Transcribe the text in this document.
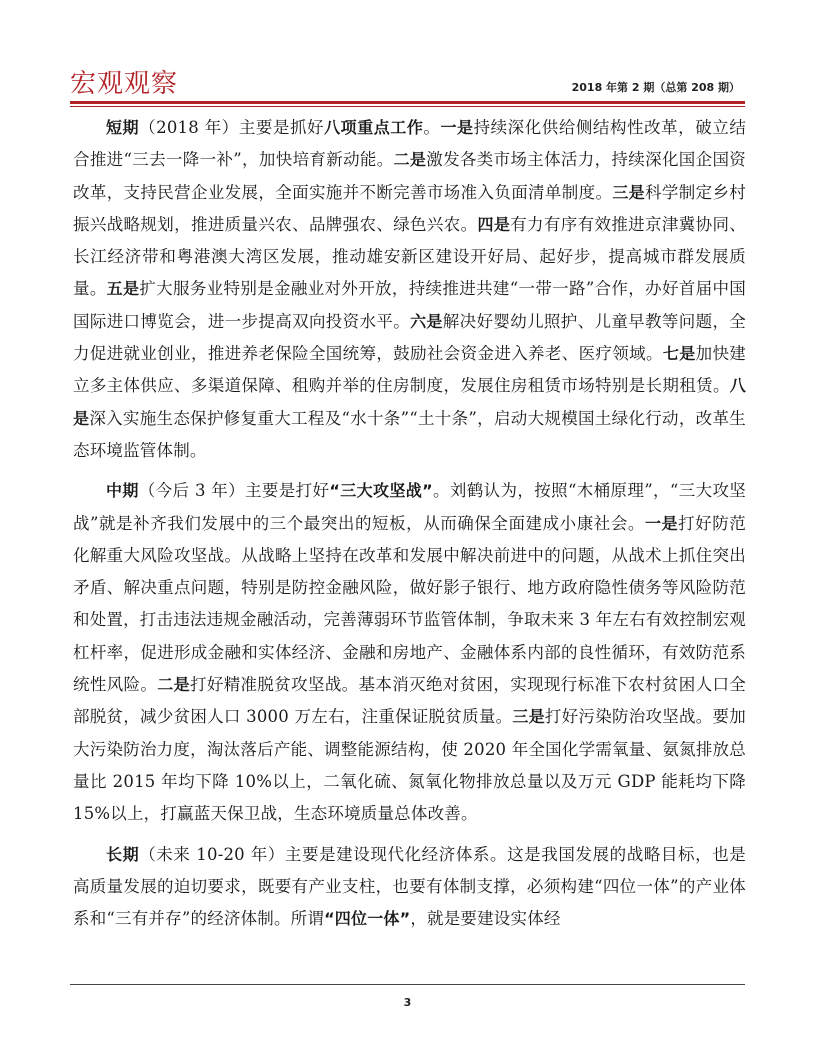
宏观观察	2018 年第 2 期（总第 208 期）

短期（2018 年）主要是抓好八项重点工作。一是持续深化供给侧结构性改革，破立结合推进“三去一降一补”，加快培育新动能。二是激发各类市场主体活力，持续深化国企国资改革，支持民营企业发展，全面实施并不断完善市场准入负面清单制度。三是科学制定乡村振兴战略规划，推进质量兴农、品牌强农、绿色兴农。四是有力有序有效推进京津冀协同、长江经济带和粤港澳大湾区发展，推动雄安新区建设开好局、起好步，提高城市群发展质量。五是扩大服务业特别是金融业对外开放，持续推进共建“一带一路”合作，办好首届中国国际进口博览会，进一步提高双向投资水平。六是解决好婴幼儿照护、儿童早教等问题，全力促进就业创业，推进养老保险全国统筹，鼓励社会资金进入养老、医疗领域。七是加快建立多主体供应、多渠道保障、租购并举的住房制度，发展住房租赁市场特别是长期租赁。八是深入实施生态保护修复重大工程及“水十条”“土十条”，启动大规模国土绿化行动，改革生态环境监管体制。

中期（今后 3 年）主要是打好“三大攻坚战”。刘鹤认为，按照“木桶原理”，“三大攻坚战”就是补齐我们发展中的三个最突出的短板，从而确保全面建成小康社会。一是打好防范化解重大风险攻坚战。从战略上坚持在改革和发展中解决前进中的问题，从战术上抓住突出矛盾、解决重点问题，特别是防控金融风险，做好影子银行、地方政府隐性债务等风险防范和处置，打击违法违规金融活动，完善薄弱环节监管体制，争取未来 3 年左右有效控制宏观杠杆率，促进形成金融和实体经济、金融和房地产、金融体系内部的良性循环，有效防范系统性风险。二是打好精准脱贫攻坚战。基本消灭绝对贫困，实现现行标准下农村贫困人口全部脱贫，减少贫困人口 3000 万左右，注重保证脱贫质量。三是打好污染防治攻坚战。要加大污染防治力度，淘汰落后产能、调整能源结构，使 2020 年全国化学需氧量、氨氮排放总量比 2015 年均下降 10%以上，二氧化硫、氮氧化物排放总量以及万元 GDP 能耗均下降 15%以上，打赢蓝天保卫战，生态环境质量总体改善。

长期（未来 10-20 年）主要是建设现代化经济体系。这是我国发展的战略目标，也是高质量发展的迫切要求，既要有产业支柱，也要有体制支撑，必须构建“四位一体”的产业体系和“三有并存”的经济体制。所谓“四位一体”，就是要建设实体经

3
